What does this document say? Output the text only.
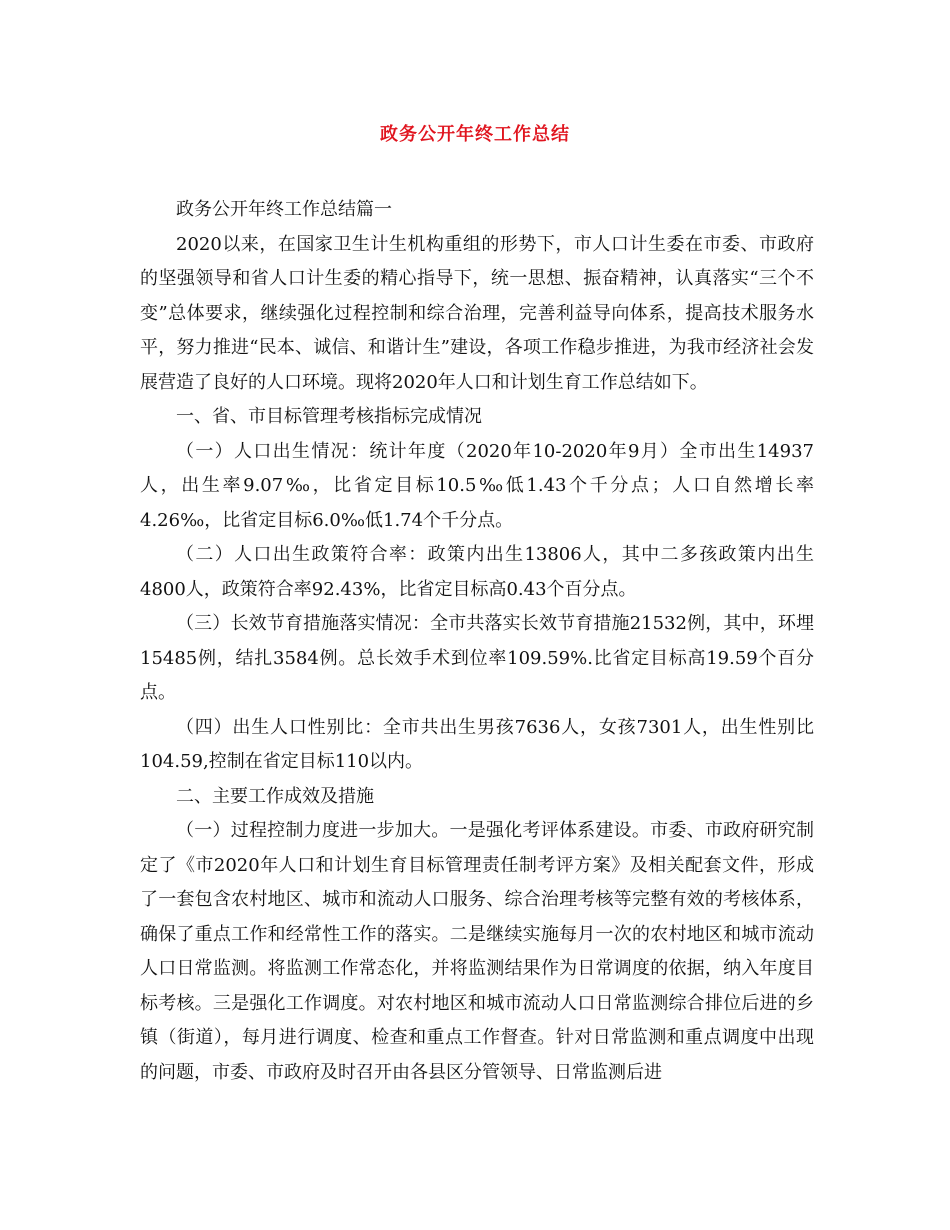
政务公开年终工作总结

政务公开年终工作总结篇一

2020以来，在国家卫生计生机构重组的形势下，市人口计生委在市委、市政府的坚强领导和省人口计生委的精心指导下，统一思想、振奋精神，认真落实“三个不变”总体要求，继续强化过程控制和综合治理，完善利益导向体系，提高技术服务水平，努力推进“民本、诚信、和谐计生”建设，各项工作稳步推进，为我市经济社会发展营造了良好的人口环境。现将2020年人口和计划生育工作总结如下。

一、省、市目标管理考核指标完成情况

（一）人口出生情况：统计年度（2020年10-2020年9月）全市出生14937人，出生率9.07‰，比省定目标10.5‰低1.43个千分点；人口自然增长率4.26‰，比省定目标6.0‰低1.74个千分点。

（二）人口出生政策符合率：政策内出生13806人，其中二多孩政策内出生4800人，政策符合率92.43%，比省定目标高0.43个百分点。

（三）长效节育措施落实情况：全市共落实长效节育措施21532例，其中，环埋15485例，结扎3584例。总长效手术到位率109.59%.比省定目标高19.59个百分点。

（四）出生人口性别比：全市共出生男孩7636人，女孩7301人，出生性别比104.59,控制在省定目标110以内。

二、主要工作成效及措施

（一）过程控制力度进一步加大。一是强化考评体系建设。市委、市政府研究制定了《市2020年人口和计划生育目标管理责任制考评方案》及相关配套文件，形成了一套包含农村地区、城市和流动人口服务、综合治理考核等完整有效的考核体系，确保了重点工作和经常性工作的落实。二是继续实施每月一次的农村地区和城市流动人口日常监测。将监测工作常态化，并将监测结果作为日常调度的依据，纳入年度目标考核。三是强化工作调度。对农村地区和城市流动人口日常监测综合排位后进的乡镇（街道），每月进行调度、检查和重点工作督查。针对日常监测和重点调度中出现的问题，市委、市政府及时召开由各县区分管领导、日常监测后进
